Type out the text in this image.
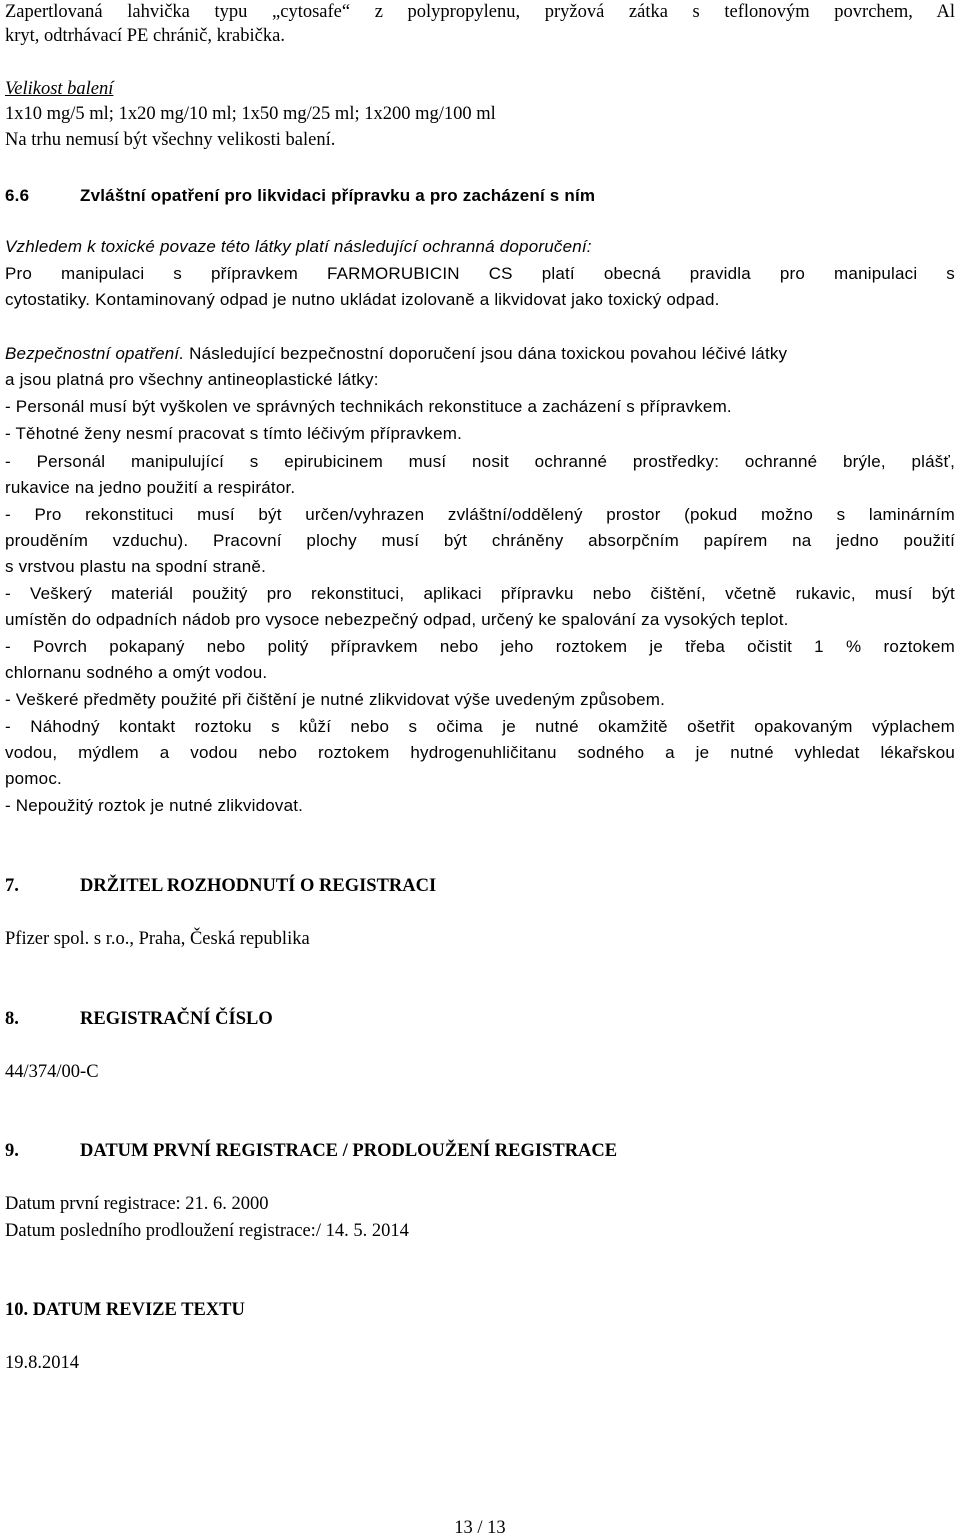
Zapertlovaná lahvička typu „cytosafe“ z polypropylenu, pryžová zátka s teflonovým povrchem, Al
kryt, odtrhávací PE chránič, krabička.
Velikost balení
1x10 mg/5 ml; 1x20 mg/10 ml; 1x50 mg/25 ml; 1x200 mg/100 ml
Na trhu nemusí být všechny velikosti balení.
6.6	Zvláštní opatření pro likvidaci přípravku a pro zacházení s ním
Vzhledem k toxické povaze této látky platí následující ochranná doporučení:
Pro manipulaci s přípravkem FARMORUBICIN CS platí obecná pravidla pro manipulaci s
cytostatiky. Kontaminovaný odpad je nutno ukládat izolovaně a likvidovat jako toxický odpad.
Bezpečnostní opatření. Následující bezpečnostní doporučení jsou dána toxickou povahou léčivé látky
a jsou platná pro všechny antineoplastické látky:
- Personál musí být vyškolen ve správných technikách rekonstituce a zacházení s přípravkem.
- Těhotné ženy nesmí pracovat s tímto léčivým přípravkem.
- Personál manipulující s epirubicinem musí nosit ochranné prostředky: ochranné brýle, plášť,
rukavice na jedno použití a respirátor.
- Pro rekonstituci musí být určen/vyhrazen zvláštní/oddělený prostor (pokud možno s laminárním
prouděním vzduchu). Pracovní plochy musí být chráněny absorpčním papírem na jedno použití
s vrstvou plastu na spodní straně.
- Veškerý materiál použitý pro rekonstituci, aplikaci přípravku nebo čištění, včetně rukavic, musí být
umístěn do odpadních nádob pro vysoce nebezpečný odpad, určený ke spalování za vysokých teplot.
- Povrch pokapaný nebo politý přípravkem nebo jeho roztokem je třeba očistit 1 % roztokem
chlornanu sodného a omýt vodou.
- Veškeré předměty použité při čištění je nutné zlikvidovat výše uvedeným způsobem.
- Náhodný kontakt roztoku s kůží nebo s očima je nutné okamžitě ošetřit opakovaným výplachem
vodou, mýdlem a vodou nebo roztokem hydrogenuhličitanu sodného a je nutné vyhledat lékařskou
pomoc.
- Nepoužitý roztok je nutné zlikvidovat.
7.	DRŽITEL ROZHODNUTÍ O REGISTRACI
Pfizer spol. s r.o., Praha, Česká republika
8.	REGISTRAČNÍ ČÍSLO
44/374/00-C
9.	DATUM PRVNÍ REGISTRACE / PRODLOUŽENÍ REGISTRACE
Datum první registrace: 21. 6. 2000
Datum posledního prodloužení registrace:/ 14. 5. 2014
10. DATUM REVIZE TEXTU
19.8.2014
13 / 13
